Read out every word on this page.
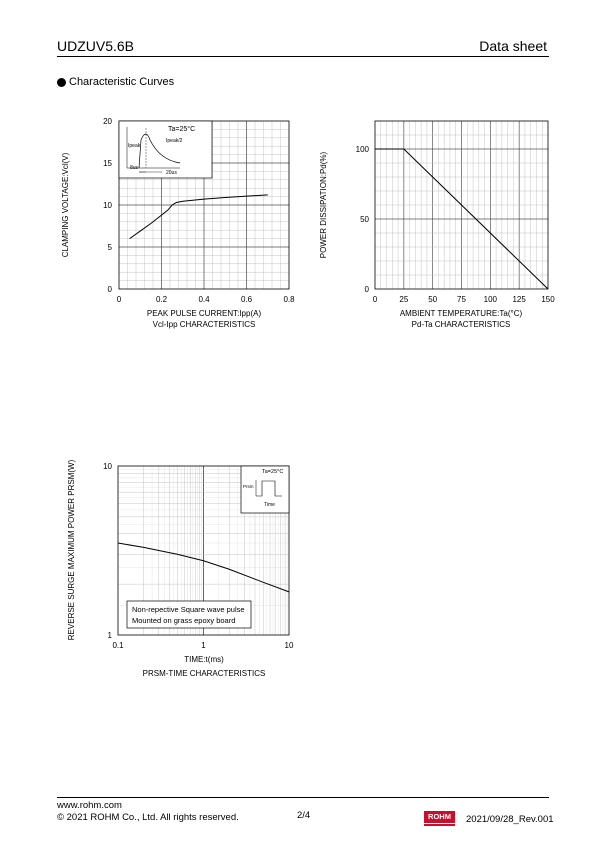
UDZUV5.6B	Data sheet
Characteristic Curves
0
5
10
15
20
0	0.2	0.4	0.6	0.8
Ta=25°C
Ipeak
Ipeak/2
8us
20us
PEAK PULSE CURRENT:Ipp(A)
Vcl-Ipp CHARACTERISTICS
CLAMPING VOLTAGE:Vcl(V)
0
50
100
0	25 50 75 100 125 150
AMBIENT TEMPERATURE:Ta(°C)
Pd-Ta CHARACTERISTICS
POWER DISSIPATION:Pd(%)
1
10
0.1	1	10
Non-repective Square wave pulse
Mounted on grass epoxy board
Ta=25°C
Prsm
Time
TIME:t(ms)
PRSM-TIME CHARACTERISTICS
REVERSE SURGE MAXIMUM POWER PRSM(W)
www.rohm.com
© 2021 ROHM Co., Ltd. All rights reserved.	2/4	ROHM	2021/09/28_Rev.001
